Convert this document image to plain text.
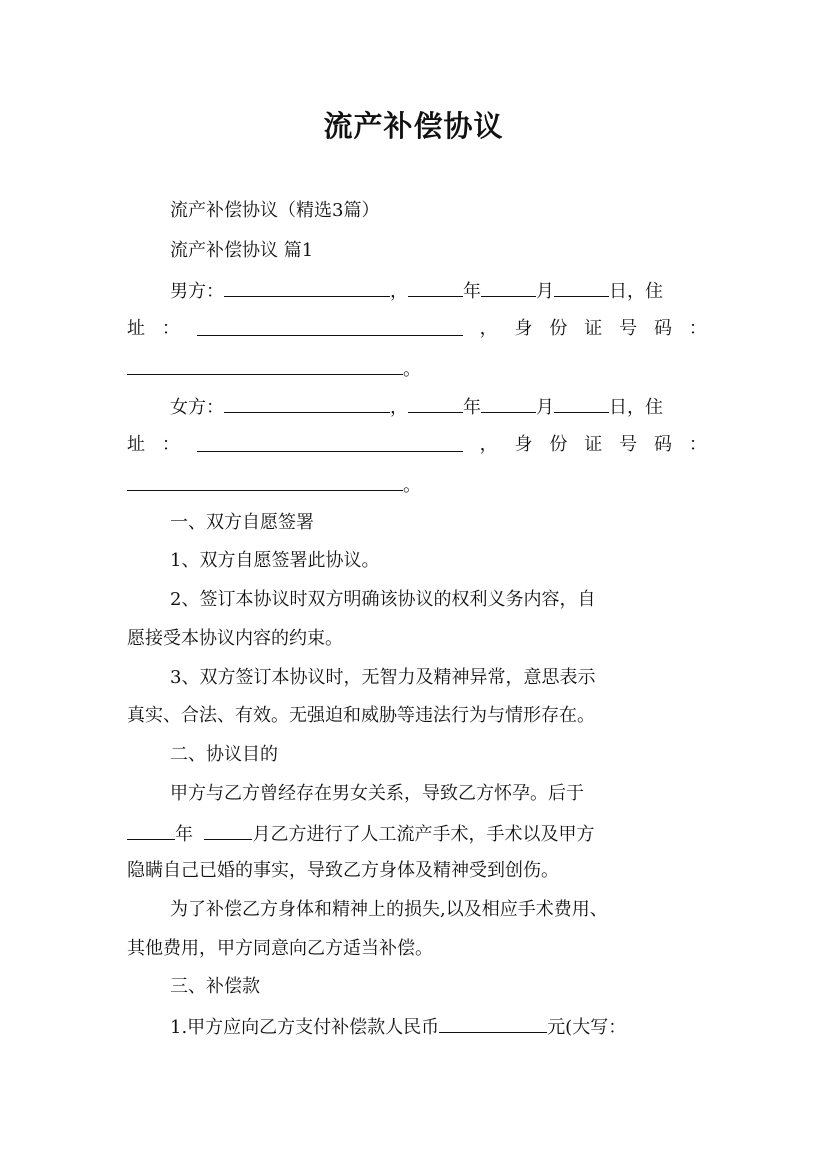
流产补偿协议
流产补偿协议（精选3篇）
流产补偿协议 篇1
男方：	，	年	月	日，住
址 ：	， 身 份 证 号 码 ：
。
女方：	，	年	月	日，住
址 ：	， 身 份 证 号 码 ：
。
一、双方自愿签署
1、双方自愿签署此协议。
2、签订本协议时双方明确该协议的权利义务内容，自
愿接受本协议内容的约束。
3、双方签订本协议时，无智力及精神异常，意思表示
真实、合法、有效。无强迫和威胁等违法行为与情形存在。
二、协议目的
甲方与乙方曾经存在男女关系，导致乙方怀孕。后于
年	月乙方进行了人工流产手术，手术以及甲方
隐瞒自己已婚的事实，导致乙方身体及精神受到创伤。
为了补偿乙方身体和精神上的损失,以及相应手术费用、
其他费用，甲方同意向乙方适当补偿。
三、补偿款
1.甲方应向乙方支付补偿款人民币	元(大写：
